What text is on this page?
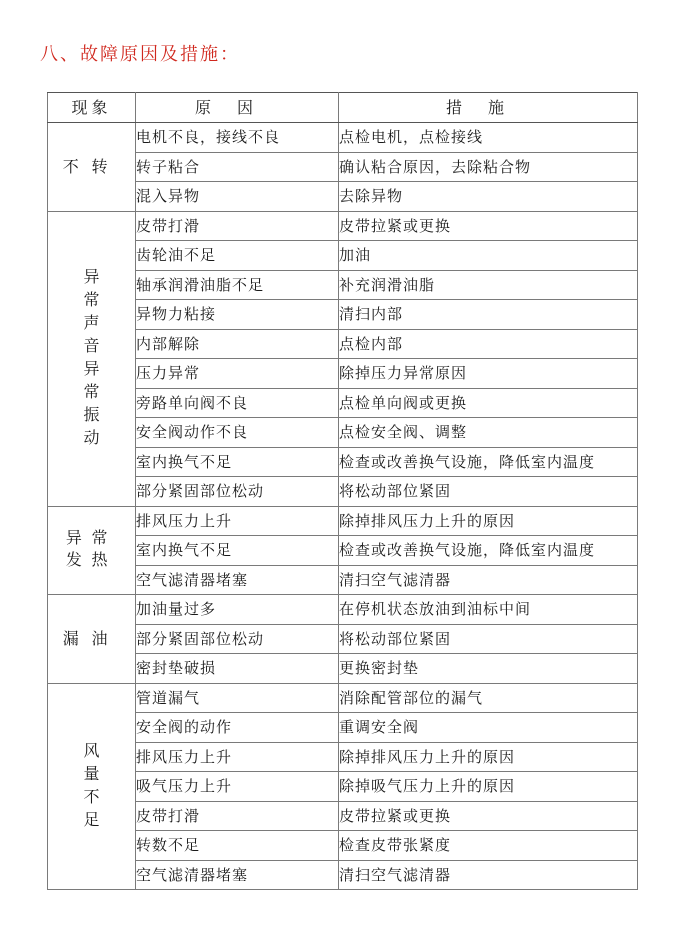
八、故障原因及措施：
现象	原因	措施
不转	电机不良，接线不良	点检电机，点检接线
	转子粘合	确认粘合原因，去除粘合物
	混入异物	去除异物
异常声音异常振动	皮带打滑	皮带拉紧或更换
	齿轮油不足	加油
	轴承润滑油脂不足	补充润滑油脂
	异物力粘接	清扫内部
	内部解除	点检内部
	压力异常	除掉压力异常原因
	旁路单向阀不良	点检单向阀或更换
	安全阀动作不良	点检安全阀、调整
	室内换气不足	检查或改善换气设施，降低室内温度
	部分紧固部位松动	将松动部位紧固
异常发热	排风压力上升	除掉排风压力上升的原因
	室内换气不足	检查或改善换气设施，降低室内温度
	空气滤清器堵塞	清扫空气滤清器
漏油	加油量过多	在停机状态放油到油标中间
	部分紧固部位松动	将松动部位紧固
	密封垫破损	更换密封垫
风量不足	管道漏气	消除配管部位的漏气
	安全阀的动作	重调安全阀
	排风压力上升	除掉排风压力上升的原因
	吸气压力上升	除掉吸气压力上升的原因
	皮带打滑	皮带拉紧或更换
	转数不足	检查皮带张紧度
	空气滤清器堵塞	清扫空气滤清器
